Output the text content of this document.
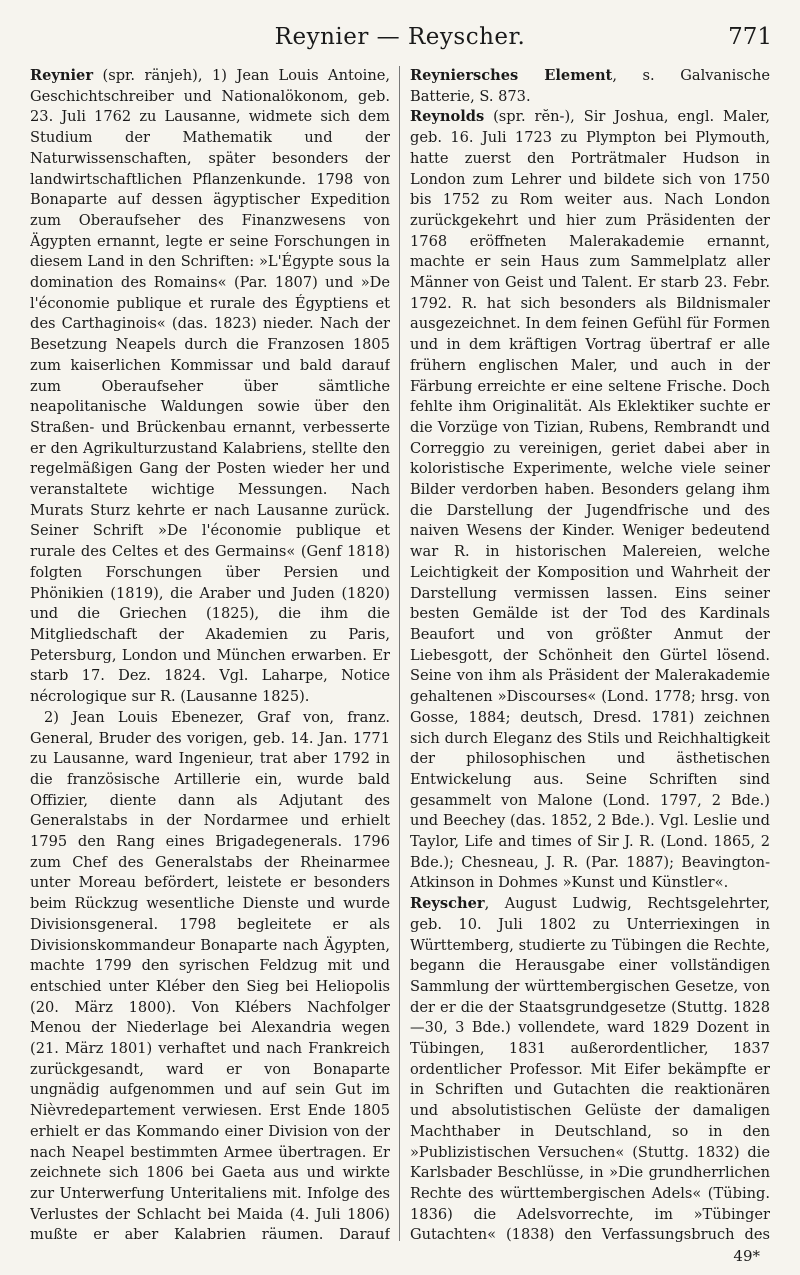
Reynier — Reyscher.	771

Reynier (spr. ränjeh), 1) Jean Louis Antoine, Geschichtschreiber und Nationalökonom, geb. 23. Juli 1762 zu Lausanne, widmete sich dem Studium der Mathematik und der Naturwissenschaften, später besonders der landwirtschaftlichen Pflanzenkunde. 1798 von Bonaparte auf dessen ägyptischer Expedition zum Oberaufseher des Finanzwesens von Ägypten ernannt, legte er seine Forschungen in diesem Land in den Schriften: »L'Égypte sous la domination des Romains« (Par. 1807) und »De l'économie publique et rurale des Égyptiens et des Carthaginois« (das. 1823) nieder. Nach der Besetzung Neapels durch die Franzosen 1805 zum kaiserlichen Kommissar und bald darauf zum Oberaufseher über sämtliche neapolitanische Waldungen sowie über den Straßen- und Brückenbau ernannt, verbesserte er den Agrikulturzustand Kalabriens, stellte den regelmäßigen Gang der Posten wieder her und veranstaltete wichtige Messungen. Nach Murats Sturz kehrte er nach Lausanne zurück. Seiner Schrift »De l'économie publique et rurale des Celtes et des Germains« (Genf 1818) folgten Forschungen über Persien und Phönikien (1819), die Araber und Juden (1820) und die Griechen (1825), die ihm die Mitgliedschaft der Akademien zu Paris, Petersburg, London und München erwarben. Er starb 17. Dez. 1824. Vgl. Laharpe, Notice nécrologique sur R. (Lausanne 1825).

2) Jean Louis Ebenezer, Graf von, franz. General, Bruder des vorigen, geb. 14. Jan. 1771 zu Lausanne, ward Ingenieur, trat aber 1792 in die französische Artillerie ein, wurde bald Offizier, diente dann als Adjutant des Generalstabs in der Nordarmee und erhielt 1795 den Rang eines Brigadegenerals. 1796 zum Chef des Generalstabs der Rheinarmee unter Moreau befördert, leistete er besonders beim Rückzug wesentliche Dienste und wurde Divisionsgeneral. 1798 begleitete er als Divisionskommandeur Bonaparte nach Ägypten, machte 1799 den syrischen Feldzug mit und entschied unter Kléber den Sieg bei Heliopolis (20. März 1800). Von Klébers Nachfolger Menou der Niederlage bei Alexandria wegen (21. März 1801) verhaftet und nach Frankreich zurückgesandt, ward er von Bonaparte ungnädig aufgenommen und auf sein Gut im Nièvredepartement verwiesen. Erst Ende 1805 erhielt er das Kommando einer Division von der nach Neapel bestimmten Armee übertragen. Er zeichnete sich 1806 bei Gaeta aus und wirkte zur Unterwerfung Unteritaliens mit. Infolge des Verlustes der Schlacht bei Maida (4. Juli 1806) mußte er aber Kalabrien räumen. Darauf

Reyniersches Element, s. Galvanische Batterie, S. 873.

Reynolds (spr. rĕn-), Sir Joshua, engl. Maler, geb. 16. Juli 1723 zu Plympton bei Plymouth, hatte zuerst den Porträtmaler Hudson in London zum Lehrer und bildete sich von 1750 bis 1752 zu Rom weiter aus. Nach London zurückgekehrt und hier zum Präsidenten der 1768 eröffneten Malerakademie ernannt, machte er sein Haus zum Sammelplatz aller Männer von Geist und Talent. Er starb 23. Febr. 1792. R. hat sich besonders als Bildnismaler ausgezeichnet. In dem feinen Gefühl für Formen und in dem kräftigen Vortrag übertraf er alle frühern englischen Maler, und auch in der Färbung erreichte er eine seltene Frische. Doch fehlte ihm Originalität. Als Eklektiker suchte er die Vorzüge von Tizian, Rubens, Rembrandt und Correggio zu vereinigen, geriet dabei aber in koloristische Experimente, welche viele seiner Bilder verdorben haben. Besonders gelang ihm die Darstellung der Jugendfrische und des naiven Wesens der Kinder. Weniger bedeutend war R. in historischen Malereien, welche Leichtigkeit der Komposition und Wahrheit der Darstellung vermissen lassen. Eins seiner besten Gemälde ist der Tod des Kardinals Beaufort und von größter Anmut der Liebesgott, der Schönheit den Gürtel lösend. Seine von ihm als Präsident der Malerakademie gehaltenen »Discourses« (Lond. 1778; hrsg. von Gosse, 1884; deutsch, Dresd. 1781) zeichnen sich durch Eleganz des Stils und Reichhaltigkeit der philosophischen und ästhetischen Entwickelung aus. Seine Schriften sind gesammelt von Malone (Lond. 1797, 2 Bde.) und Beechey (das. 1852, 2 Bde.). Vgl. Leslie und Taylor, Life and times of Sir J. R. (Lond. 1865, 2 Bde.); Chesneau, J. R. (Par. 1887); Beavington-Atkinson in Dohmes »Kunst und Künstler«.

Reyscher, August Ludwig, Rechtsgelehrter, geb. 10. Juli 1802 zu Unterriexingen in Württemberg, studierte zu Tübingen die Rechte, begann die Herausgabe einer vollständigen Sammlung der württembergischen Gesetze, von der er die der Staatsgrundgesetze (Stuttg. 1828—30, 3 Bde.) vollendete, ward 1829 Dozent in Tübingen, 1831 außerordentlicher, 1837 ordentlicher Professor. Mit Eifer bekämpfte er in Schriften und Gutachten die reaktionären und absolutistischen Gelüste der damaligen Machthaber in Deutschland, so in den »Publizistischen Versuchen« (Stuttg. 1832) die Karlsbader Beschlüsse, in »Die grundherrlichen Rechte des württembergischen Adels« (Tübing. 1836) die Adelsvorrechte, im »Tübinger Gutachten« (1838) den Verfassungsbruch des

49*
